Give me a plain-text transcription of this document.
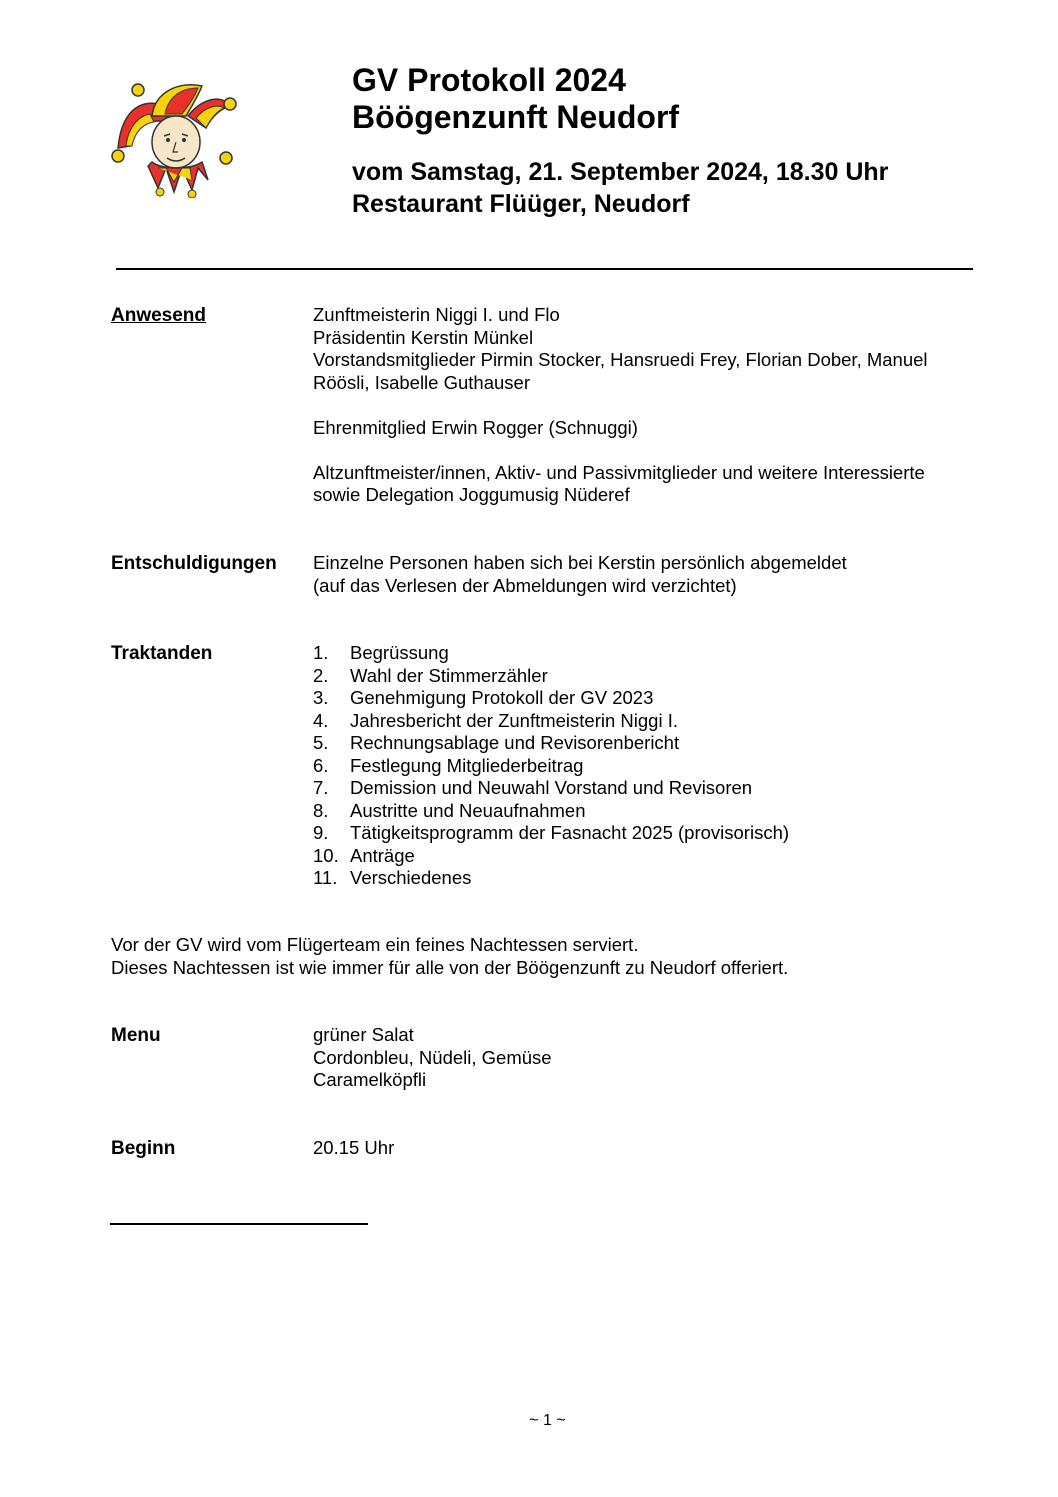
GV Protokoll 2024
Böögenzunft Neudorf
vom Samstag, 21. September 2024, 18.30 Uhr
Restaurant Flüüger, Neudorf
Anwesend	Zunftmeisterin Niggi I. und Flo
Präsidentin Kerstin Münkel
Vorstandsmitglieder Pirmin Stocker, Hansruedi Frey, Florian Dober, Manuel
Röösli, Isabelle Guthauser
Ehrenmitglied Erwin Rogger (Schnuggi)
Altzunftmeister/innen, Aktiv- und Passivmitglieder und weitere Interessierte
sowie Delegation Joggumusig Nüderef
Entschuldigungen Einzelne Personen haben sich bei Kerstin persönlich abgemeldet
(auf das Verlesen der Abmeldungen wird verzichtet)
Traktanden	1.	Begrüssung
2.	Wahl der Stimmerzähler
3.	Genehmigung Protokoll der GV 2023
4.	Jahresbericht der Zunftmeisterin Niggi I.
5.	Rechnungsablage und Revisorenbericht
6.	Festlegung Mitgliederbeitrag
7.	Demission und Neuwahl Vorstand und Revisoren
8.	Austritte und Neuaufnahmen
9.	Tätigkeitsprogramm der Fasnacht 2025 (provisorisch)
10. Anträge
11. Verschiedenes
Vor der GV wird vom Flügerteam ein feines Nachtessen serviert.
Dieses Nachtessen ist wie immer für alle von der Böögenzunft zu Neudorf offeriert.
Menu	grüner Salat
Cordonbleu, Nüdeli, Gemüse
Caramelköpfli
Beginn	20.15 Uhr
~ 1 ~
